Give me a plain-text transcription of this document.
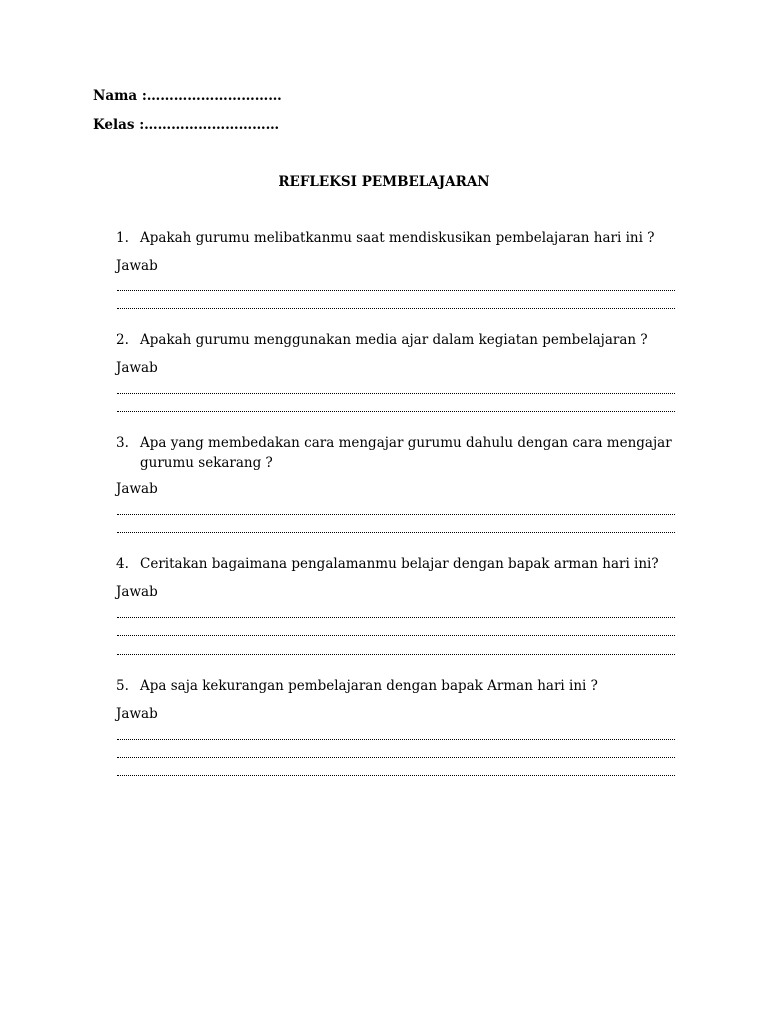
Nama :…………………………
Kelas :…………………………
REFLEKSI PEMBELAJARAN
1. Apakah gurumu melibatkanmu saat mendiskusikan pembelajaran hari ini ?
Jawab
2. Apakah gurumu menggunakan media ajar dalam kegiatan pembelajaran ?
Jawab
3. Apa yang membedakan cara mengajar gurumu dahulu dengan cara mengajar gurumu sekarang ?
Jawab
4. Ceritakan bagaimana pengalamanmu belajar dengan bapak arman hari ini?
Jawab
5. Apa saja kekurangan pembelajaran dengan bapak Arman hari ini ?
Jawab
